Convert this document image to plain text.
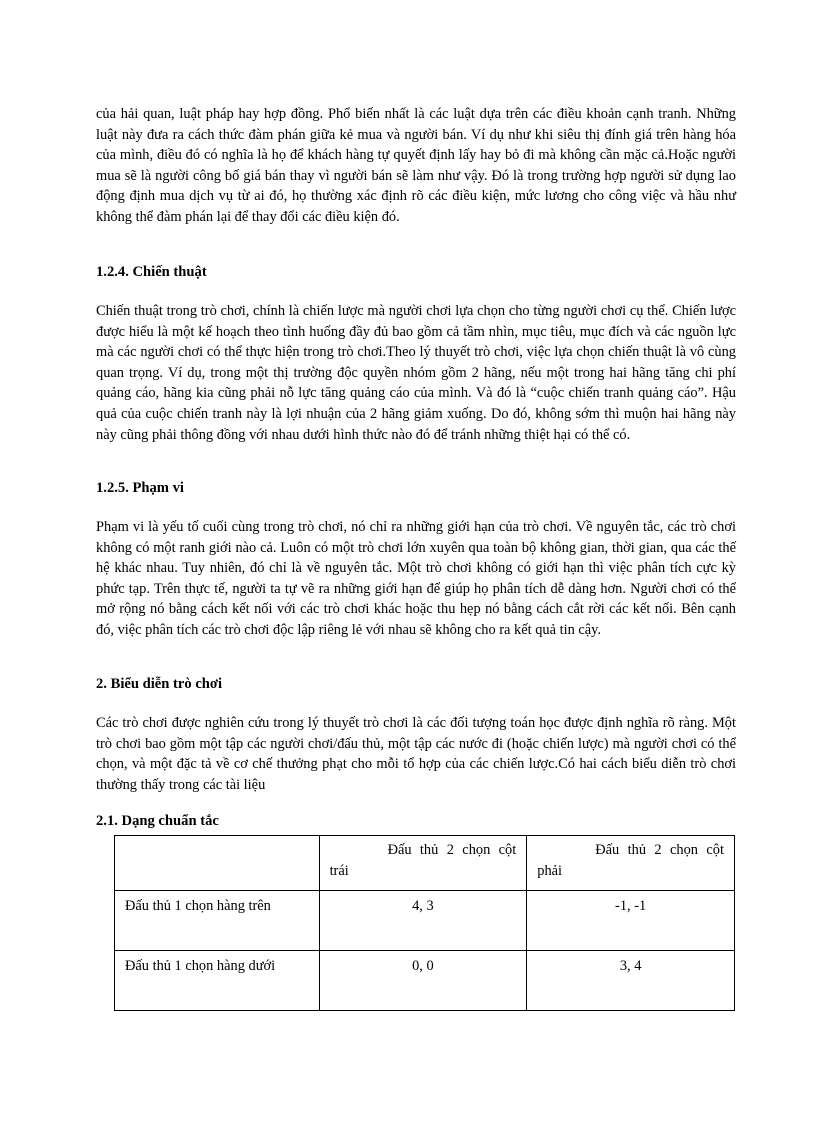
của hải quan, luật pháp hay hợp đồng. Phổ biến nhất là các luật dựa trên các điều khoản cạnh tranh. Những luật này đưa ra cách thức đàm phán giữa kẻ mua và người bán. Ví dụ như khi siêu thị đính giá trên hàng hóa của mình, điều đó có nghĩa là họ để khách hàng tự quyết định lấy hay bỏ đi mà không cần mặc cả.Hoặc người mua sẽ là người công bố giá bán thay vì người bán sẽ làm như vậy. Đó là trong trường hợp người sử dụng lao động định mua dịch vụ từ ai đó, họ thường xác định rõ các điều kiện, mức lương cho công việc và hầu như không thể đàm phán lại để thay đổi các điều kiện đó.

1.2.4. Chiến thuật

Chiến thuật trong trò chơi, chính là chiến lược mà người chơi lựa chọn cho từng người chơi cụ thể. Chiến lược được hiểu là một kế hoạch theo tình huống đầy đủ bao gồm cả tầm nhìn, mục tiêu, mục đích và các nguồn lực mà các người chơi có thể thực hiện trong trò chơi.Theo lý thuyết trò chơi, việc lựa chọn chiến thuật là vô cùng quan trọng. Ví dụ, trong một thị trường độc quyền nhóm gồm 2 hãng, nếu một trong hai hãng tăng chi phí quảng cáo, hãng kia cũng phải nỗ lực tăng quảng cáo của mình. Và đó là “cuộc chiến tranh quảng cáo”. Hậu quả của cuộc chiến tranh này là lợi nhuận của 2 hãng giảm xuống. Do đó, không sớm thì muộn hai hãng này này cũng phải thông đồng với nhau dưới hình thức nào đó để tránh những thiệt hại có thể có.

1.2.5. Phạm vi

Phạm vi là yếu tố cuối cùng trong trò chơi, nó chỉ ra những giới hạn của trò chơi. Về nguyên tắc, các trò chơi không có một ranh giới nào cả. Luôn có một trò chơi lớn xuyên qua toàn bộ không gian, thời gian, qua các thế hệ khác nhau. Tuy nhiên, đó chỉ là về nguyên tắc. Một trò chơi không có giới hạn thì việc phân tích cực kỳ phức tạp. Trên thực tế, người ta tự vẽ ra những giới hạn để giúp họ phân tích dễ dàng hơn. Người chơi có thể mở rộng nó bằng cách kết nối với các trò chơi khác hoặc thu hẹp nó bằng cách cắt rời các kết nối. Bên cạnh đó, việc phân tích các trò chơi độc lập riêng lẻ với nhau sẽ không cho ra kết quả tin cậy.

2. Biểu diễn trò chơi

Các trò chơi được nghiên cứu trong lý thuyết trò chơi là các đối tượng toán học được định nghĩa rõ ràng. Một trò chơi bao gồm một tập các người chơi/đấu thủ, một tập các nước đi (hoặc chiến lược) mà người chơi có thể chọn, và một đặc tả về cơ chế thưởng phạt cho mỗi tổ hợp của các chiến lược.Có hai cách biểu diễn trò chơi thường thấy trong các tài liệu

2.1. Dạng chuẩn tắc
	Đấu thủ 2 chọn cột trái	Đấu thủ 2 chọn cột phải
Đấu thủ 1 chọn hàng trên	4, 3	-1, -1
Đấu thủ 1 chọn hàng dưới	0, 0	3, 4
